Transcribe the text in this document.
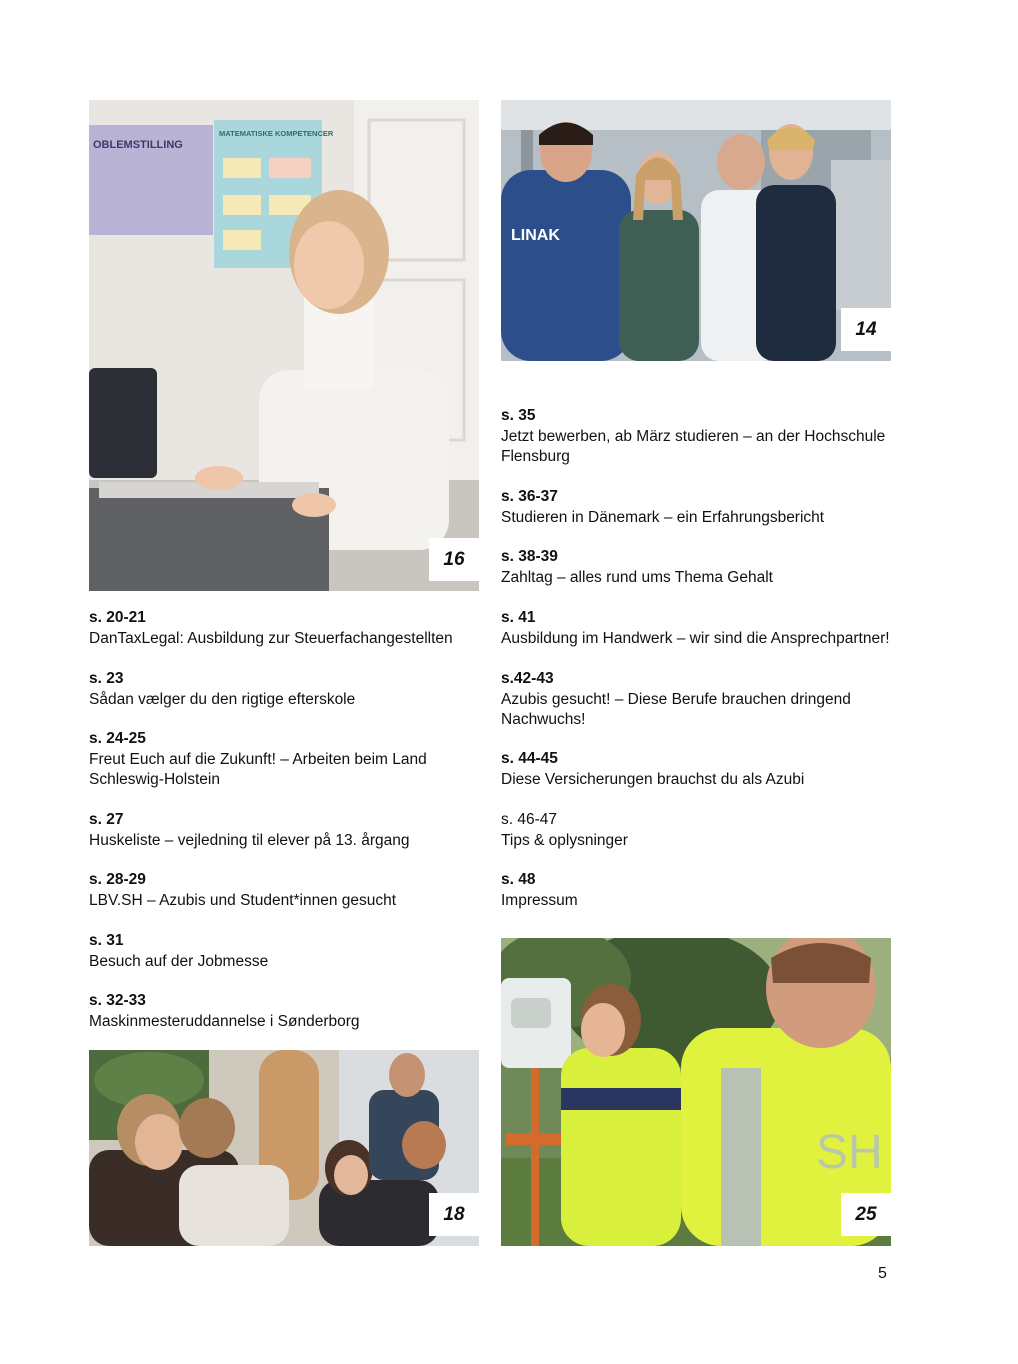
OBLEMSTILLING
MATEMATISKE KOMPETENCER
16
LINAK
14
18
SH
25
s. 20-21
DanTaxLegal: Ausbildung zur Steuerfachangestellten
s. 23
Sådan vælger du den rigtige efterskole
s. 24-25
Freut Euch auf die Zukunft! – Arbeiten beim Land Schleswig-Holstein
s. 27
Huskeliste – vejledning til elever på 13. årgang
s. 28-29
LBV.SH – Azubis und Student*innen gesucht
s. 31
Besuch auf der Jobmesse
s. 32-33
Maskinmesteruddannelse i Sønderborg
s. 35
Jetzt bewerben, ab März studieren – an der Hochschule Flensburg
s. 36-37
Studieren in Dänemark – ein Erfahrungsbericht
s. 38-39
Zahltag – alles rund ums Thema Gehalt
s. 41
Ausbildung im Handwerk – wir sind die Ansprechpartner!
s.42-43
Azubis gesucht! – Diese Berufe brauchen dringend Nachwuchs!
s. 44-45
Diese Versicherungen brauchst du als Azubi
s. 46-47
Tips & oplysninger
s. 48
Impressum
5
